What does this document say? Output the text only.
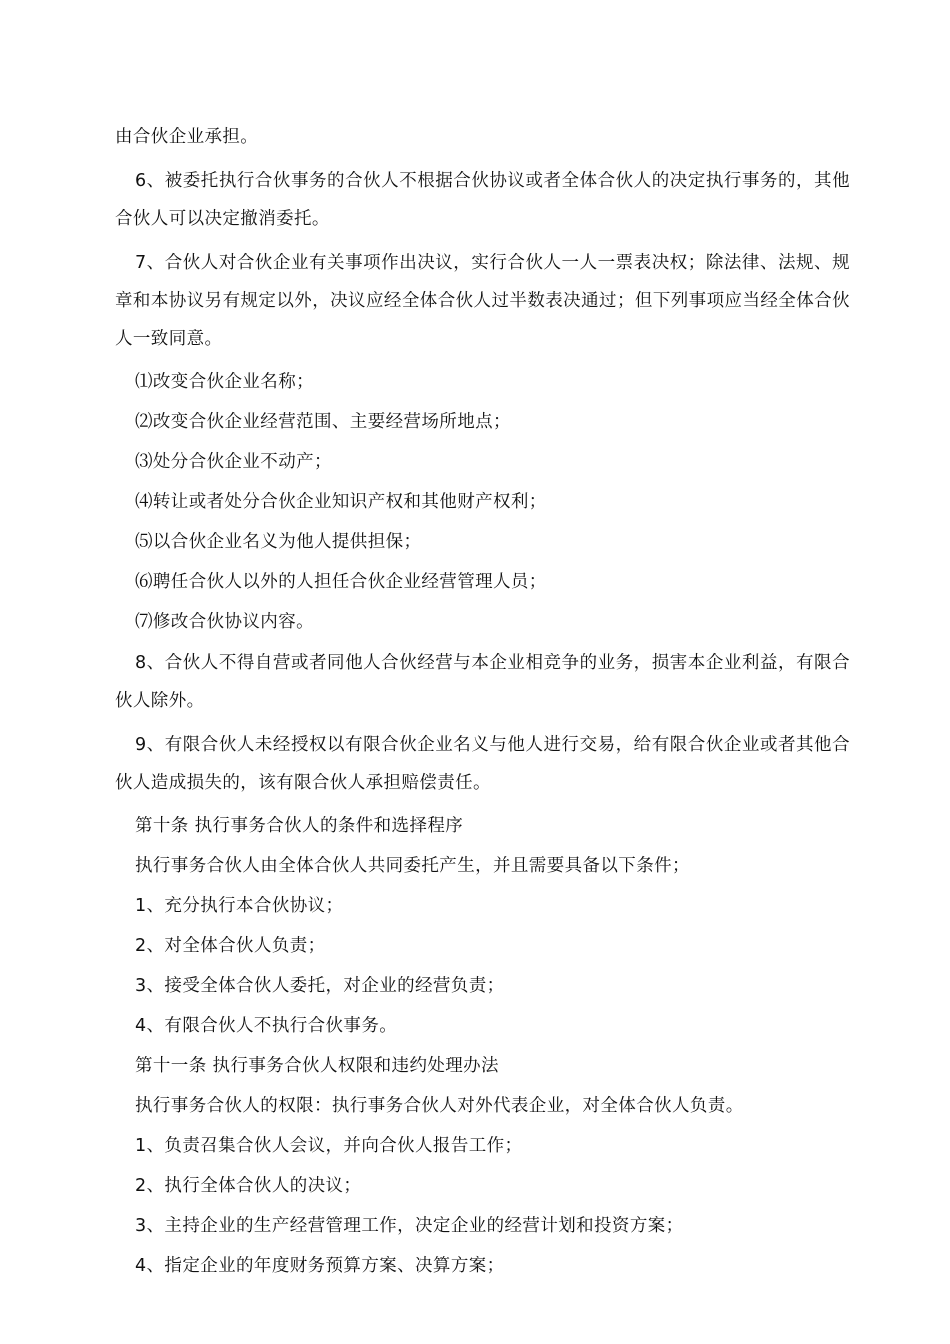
由合伙企业承担。

6、被委托执行合伙事务的合伙人不根据合伙协议或者全体合伙人的决定执行事务的，其他合伙人可以决定撤消委托。

7、合伙人对合伙企业有关事项作出决议，实行合伙人一人一票表决权；除法律、法规、规章和本协议另有规定以外，决议应经全体合伙人过半数表决通过；但下列事项应当经全体合伙人一致同意。

⑴改变合伙企业名称；

⑵改变合伙企业经营范围、主要经营场所地点；

⑶处分合伙企业不动产；

⑷转让或者处分合伙企业知识产权和其他财产权利；

⑸以合伙企业名义为他人提供担保；

⑹聘任合伙人以外的人担任合伙企业经营管理人员；

⑺修改合伙协议内容。

8、合伙人不得自营或者同他人合伙经营与本企业相竞争的业务，损害本企业利益，有限合伙人除外。

9、有限合伙人未经授权以有限合伙企业名义与他人进行交易，给有限合伙企业或者其他合伙人造成损失的，该有限合伙人承担赔偿责任。

第十条 执行事务合伙人的条件和选择程序

执行事务合伙人由全体合伙人共同委托产生，并且需要具备以下条件；

1、充分执行本合伙协议；

2、对全体合伙人负责；

3、接受全体合伙人委托，对企业的经营负责；

4、有限合伙人不执行合伙事务。

第十一条 执行事务合伙人权限和违约处理办法

执行事务合伙人的权限：执行事务合伙人对外代表企业，对全体合伙人负责。

1、负责召集合伙人会议，并向合伙人报告工作；

2、执行全体合伙人的决议；

3、主持企业的生产经营管理工作，决定企业的经营计划和投资方案；

4、指定企业的年度财务预算方案、决算方案；
